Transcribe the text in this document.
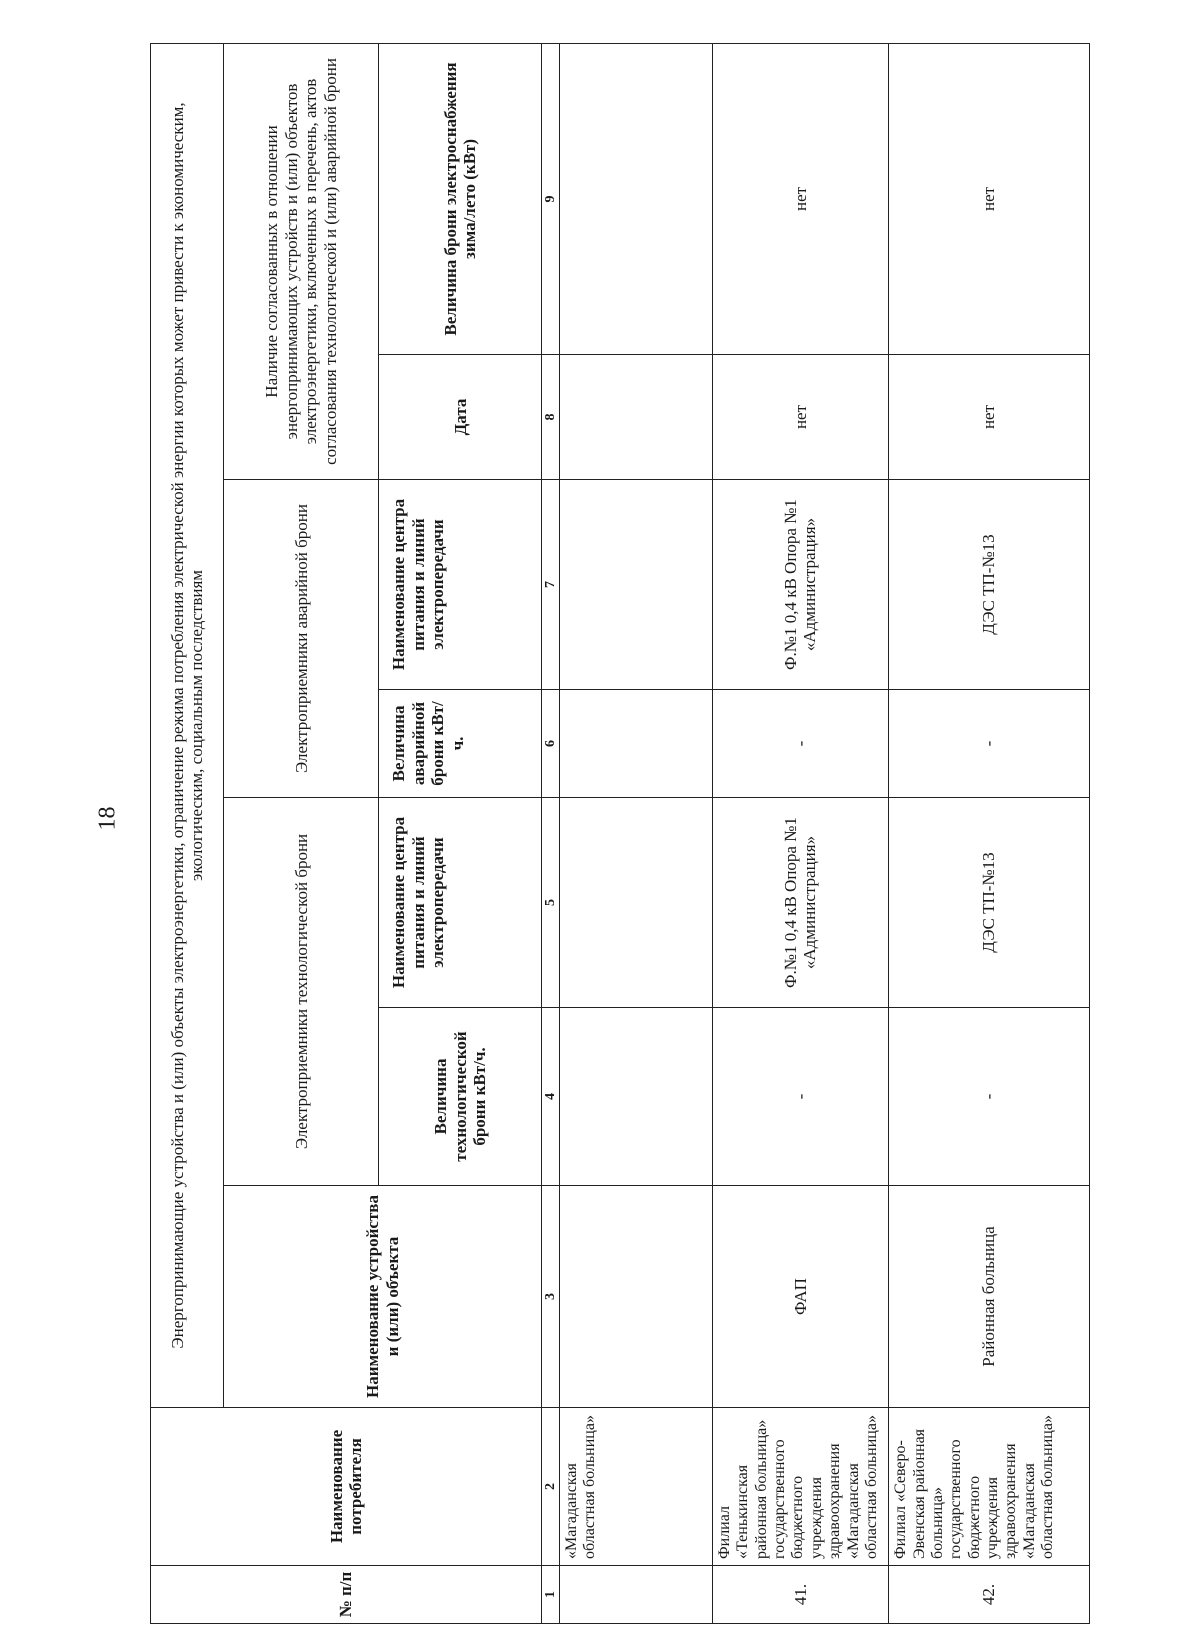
18
№ п/п	Наименование потребителя	Энергопринимающие устройства и (или) объекты электроэнергетики, ограничение режима потребления электрической энергии которых может привести к экономическим, экологическим, социальным последствиям						
		Наименование устройства и (или) объекта	Электроприемники технологической брони		Электроприемники аварийной брони		Наличие согласованных в отношении энергопринимающих устройств и (или) объектов электроэнергетики, включенных в перечень, актов согласования технологической и (или) аварийной брони	
			Величина технологической брони кВт/ч.	Наименование центра питания и линий электропередачи	Величина аварийной брони кВт/ч.	Наименование центра питания и линий электропередачи	Дата	Величина брони электроснабжения зима/лето (кВт)
1	2	3	4	5	6	7	8	9
	«Магаданская областная больница»							
41.	Филиал «Тенькинская районная больница» государственного бюджетного учреждения здравоохранения «Магаданская областная больница»	ФАП	-	Ф.№1 0,4 кВ Опора №1 «Администрация»	-	Ф.№1 0,4 кВ Опора №1 «Администрация»	нет	нет
42.	Филиал «Северо-Эвенская районная больница» государственного бюджетного учреждения здравоохранения «Магаданская областная больница»	Районная больница	-	ДЭС ТП-№13	-	ДЭС ТП-№13	нет	нет
